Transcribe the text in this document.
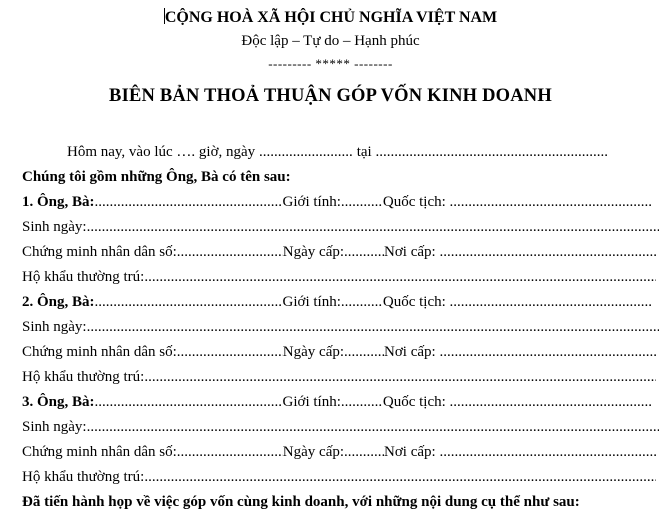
CỘNG HOÀ XÃ HỘI CHỦ NGHĨA VIỆT NAM
Độc lập – Tự do – Hạnh phúc
--------- ***** --------
BIÊN BẢN THOẢ THUẬN GÓP VỐN KINH DOANH
Hôm nay, vào lúc …. giờ, ngày .....	tại .....
Chúng tôi gồm những Ông, Bà có tên sau:
1. Ông, Bà: .....	Giới tính: .....	Quốc tịch: .....
Sinh ngày:.....
Chứng minh nhân dân số: .....	Ngày cấp: .....	Nơi cấp: .....
Hộ khẩu thường trú:.....
2. Ông, Bà: .....	Giới tính: .....	Quốc tịch: .....
Sinh ngày:.....
Chứng minh nhân dân số: .....	Ngày cấp: .....	Nơi cấp: .....
Hộ khẩu thường trú:.....
3. Ông, Bà: .....	Giới tính: .....	Quốc tịch: .....
Sinh ngày:.....
Chứng minh nhân dân số: .....	Ngày cấp: .....	Nơi cấp: .....
Hộ khẩu thường trú:.....
Đã tiến hành họp về việc góp vốn cùng kinh doanh, với những nội dung cụ thể như sau:
